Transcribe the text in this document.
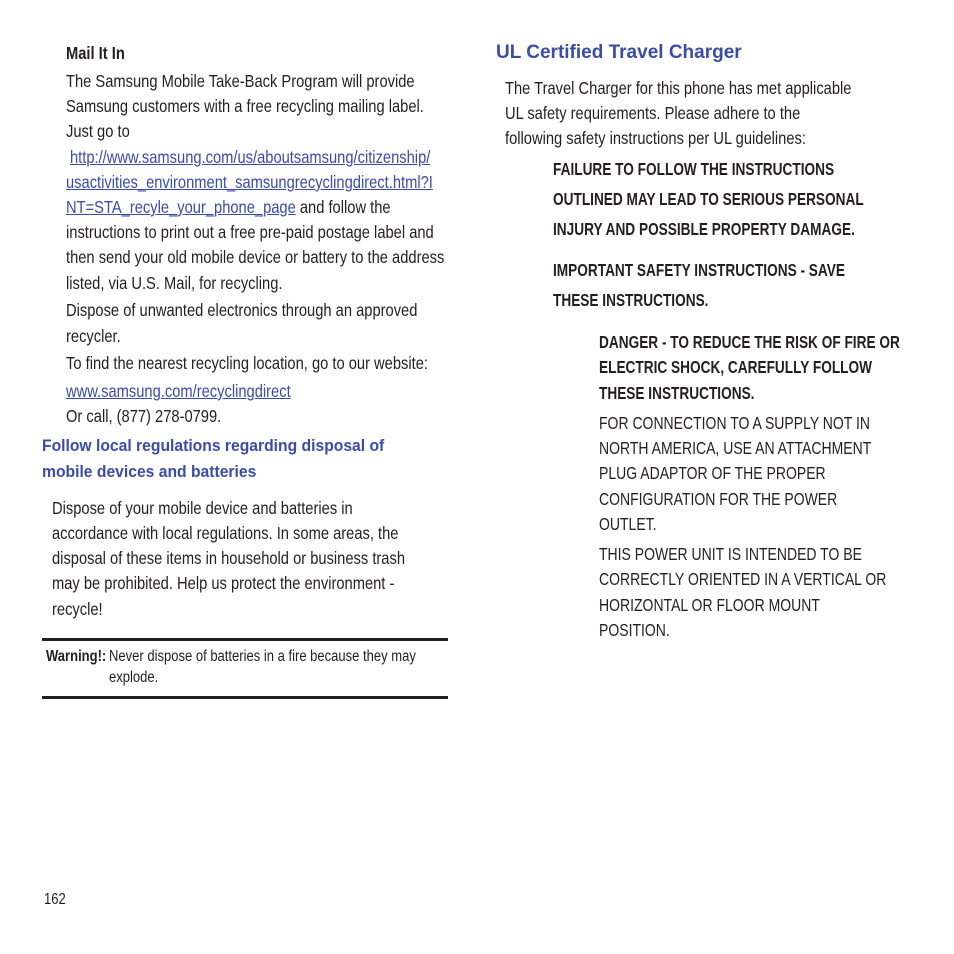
Mail It In
The Samsung Mobile Take-Back Program will provide
Samsung customers with a free recycling mailing label.
Just go to
http://www.samsung.com/us/aboutsamsung/citizenship/
usactivities_environment_samsungrecyclingdirect.html?I
NT=STA_recyle_your_phone_page and follow the
instructions to print out a free pre-paid postage label and
then send your old mobile device or battery to the address
listed, via U.S. Mail, for recycling.
Dispose of unwanted electronics through an approved
recycler.
To find the nearest recycling location, go to our website:
www.samsung.com/recyclingdirect
Or call, (877) 278-0799.
Follow local regulations regarding disposal of
mobile devices and batteries
Dispose of your mobile device and batteries in
accordance with local regulations. In some areas, the
disposal of these items in household or business trash
may be prohibited. Help us protect the environment -
recycle!
Warning!: Never dispose of batteries in a fire because they may
explode.
162
UL Certified Travel Charger
The Travel Charger for this phone has met applicable
UL safety requirements. Please adhere to the
following safety instructions per UL guidelines:
FAILURE TO FOLLOW THE INSTRUCTIONS
OUTLINED MAY LEAD TO SERIOUS PERSONAL
INJURY AND POSSIBLE PROPERTY DAMAGE.
IMPORTANT SAFETY INSTRUCTIONS - SAVE
THESE INSTRUCTIONS.
DANGER - TO REDUCE THE RISK OF FIRE OR
ELECTRIC SHOCK, CAREFULLY FOLLOW
THESE INSTRUCTIONS.
FOR CONNECTION TO A SUPPLY NOT IN
NORTH AMERICA, USE AN ATTACHMENT
PLUG ADAPTOR OF THE PROPER
CONFIGURATION FOR THE POWER
OUTLET.
THIS POWER UNIT IS INTENDED TO BE
CORRECTLY ORIENTED IN A VERTICAL OR
HORIZONTAL OR FLOOR MOUNT
POSITION.
